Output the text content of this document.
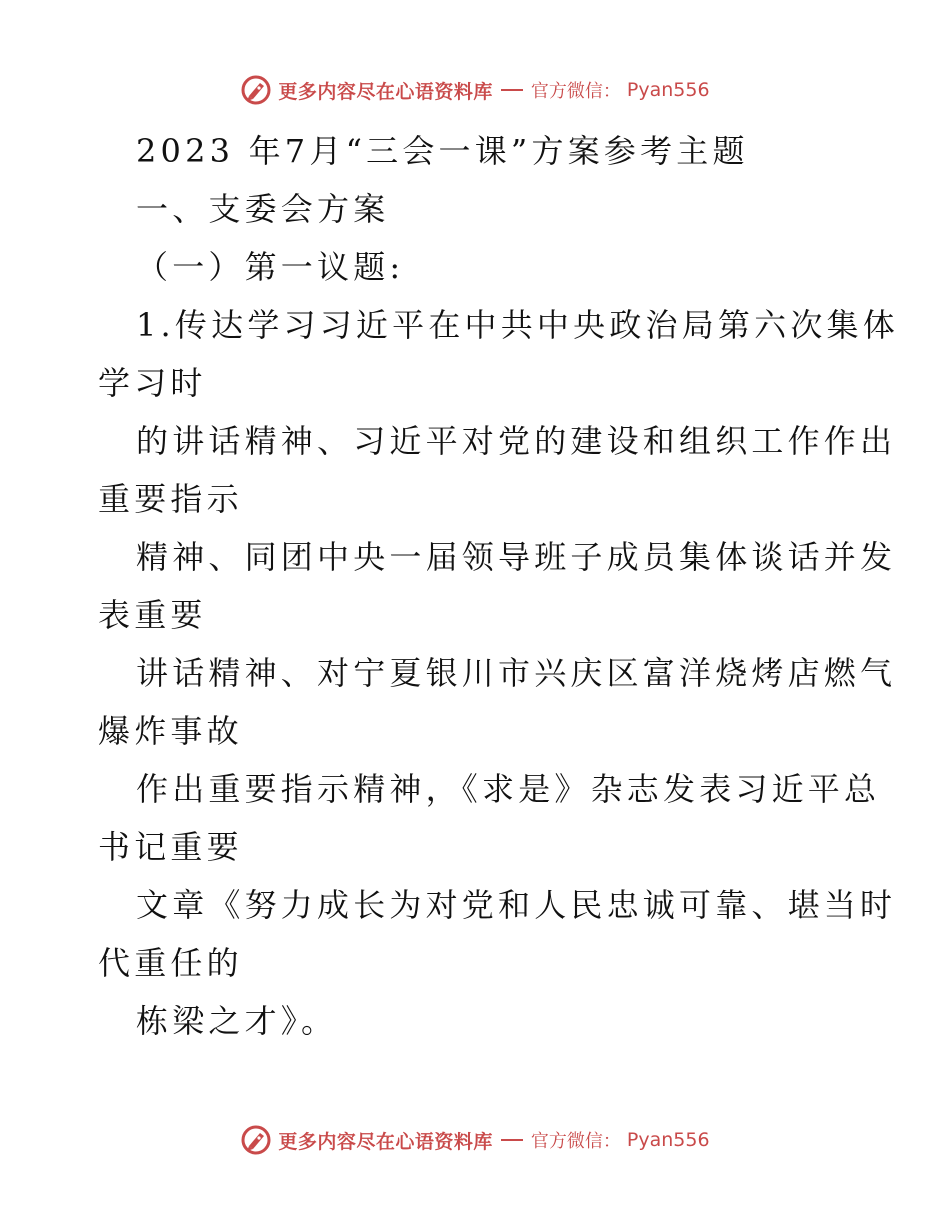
更多内容尽在心语资料库 官方微信： Pyan556
2023 年7月“三会一课”方案参考主题
一、支委会方案
（一）第一议题:
1.传达学习习近平在中共中央政治局第六次集体
学习时
的讲话精神、习近平对党的建设和组织工作作出
重要指示
精神、同团中央一届领导班子成员集体谈话并发
表重要
讲话精神、对宁夏银川市兴庆区富洋烧烤店燃气
爆炸事故
作出重要指示精神，《求是》杂志发表习近平总
书记重要
文章《努力成长为对党和人民忠诚可靠、堪当时
代重任的
栋梁之才》。
更多内容尽在心语资料库 官方微信： Pyan556
